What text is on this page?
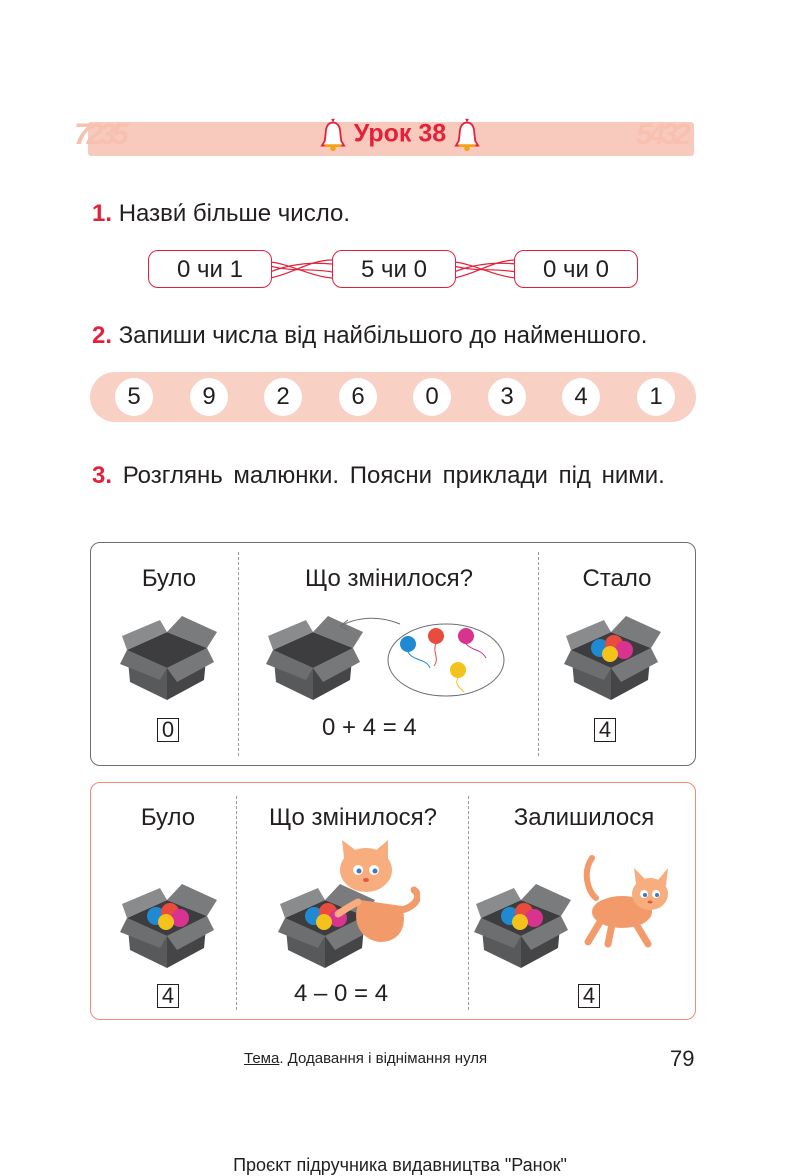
7235	5432
Урок 38
1. Назви́ більше число.
0 чи 1	5 чи 0	0 чи 0
2. Запиши числа від найбільшого до найменшого.
5	9	2	6	0	3	4	1
3. Розглянь малюнки. Поясни приклади під ними.
Було	Що змінилося?	Стало
0	0 + 4 = 4	4
Було	Що змінилося?	Залишилося
4	4 – 0 = 4	4
Тема. Додавання і віднімання нуля	79
Проєкт підручника видавництва "Ранок"
